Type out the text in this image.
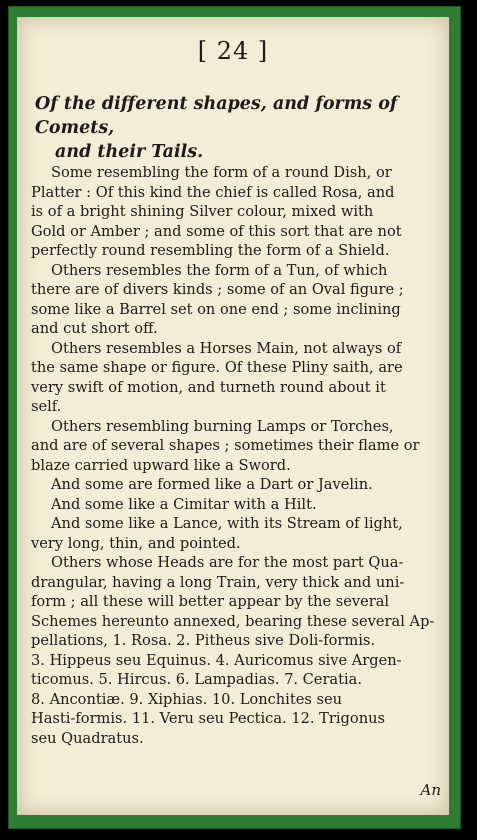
[ 24 ]
Of the different shapes, and forms of Comets,
and their Tails.

Some resembling the form of a round Dish, or
Platter : Of this kind the chief is called Rosa, and
is of a bright shining Silver colour, mixed with
Gold or Amber ; and some of this sort that are not
perfectly round resembling the form of a Shield.

Others resembles the form of a Tun, of which
there are of divers kinds ; some of an Oval figure ;
some like a Barrel set on one end ; some inclining
and cut short off.

Others resembles a Horses Main, not always of
the same shape or figure. Of these Pliny saith, are
very swift of motion, and turneth round about it
self.

Others resembling burning Lamps or Torches,
and are of several shapes ; sometimes their flame or
blaze carried upward like a Sword.

And some are formed like a Dart or Javelin.

And some like a Cimitar with a Hilt.

And some like a Lance, with its Stream of light,
very long, thin, and pointed.

Others whose Heads are for the most part Qua-
drangular, having a long Train, very thick and uni-
form ; all these will better appear by the several
Schemes hereunto annexed, bearing these several Ap-
pellations, 1. Rosa. 2. Pitheus sive Doli-formis.
3. Hippeus seu Equinus. 4. Auricomus sive Argen-
ticomus. 5. Hircus. 6. Lampadias. 7. Ceratia.
8. Ancontiæ. 9. Xiphias. 10. Lonchites seu
Hasti-formis. 11. Veru seu Pectica. 12. Trigonus
seu Quadratus.

An
